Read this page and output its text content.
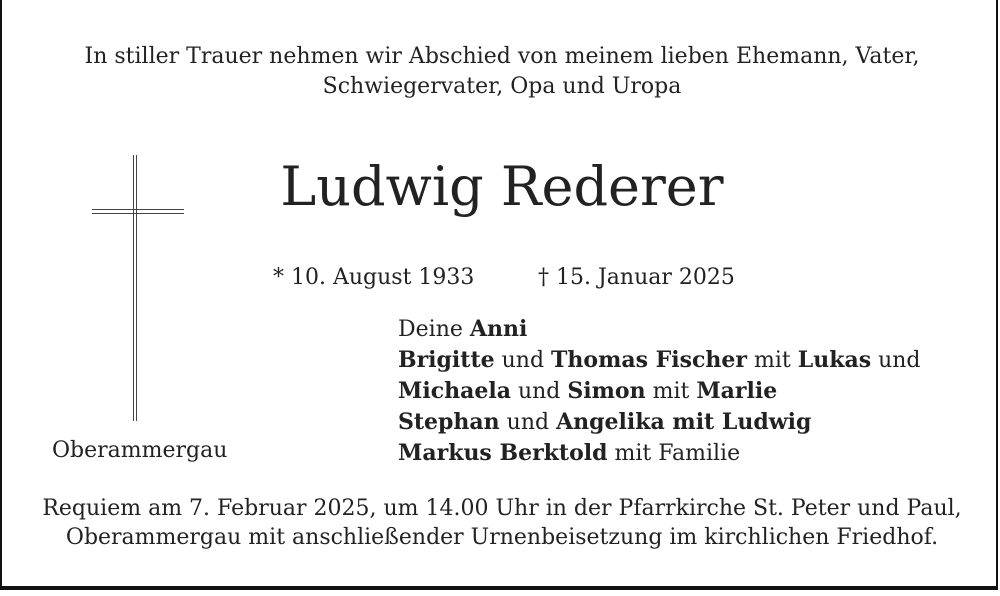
In stiller Trauer nehmen wir Abschied von meinem lieben Ehemann, Vater,
Schwiegervater, Opa und Uropa
Ludwig Rederer
* 10. August 1933	† 15. Januar 2025
Oberammergau
Deine Anni
Brigitte und Thomas Fischer mit Lukas und
Michaela und Simon mit Marlie
Stephan und Angelika mit Ludwig
Markus Berktold mit Familie
Requiem am 7. Februar 2025, um 14.00 Uhr in der Pfarrkirche St. Peter und Paul,
Oberammergau mit anschließender Urnenbeisetzung im kirchlichen Friedhof.
